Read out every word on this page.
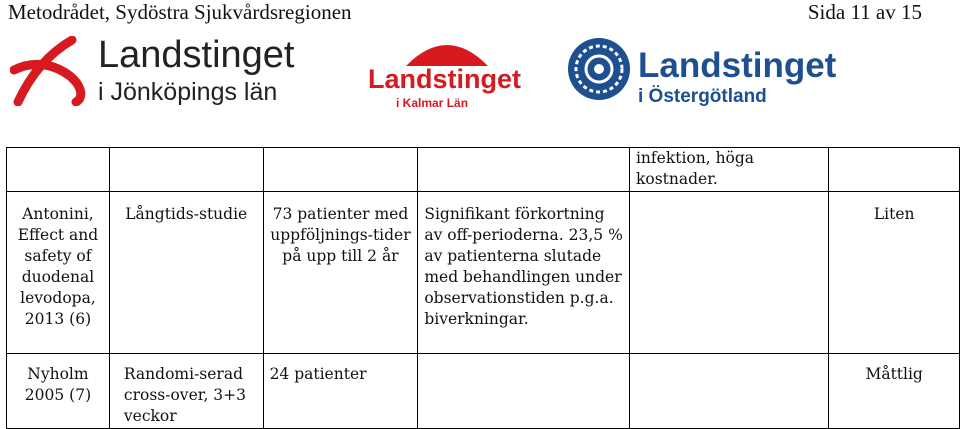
Metodrådet, Sydöstra Sjukvårdsregionen	Sida 11 av 15
Landstinget
i Jönköpings län	Landstinget
i Kalmar Län
Landstinget
i Östergötland
				infektion, höga kostnader.	
Antonini, Effect and safety of duodenal levodopa, 2013 (6)	Långtids-studie	73 patienter med uppföljnings-tider på upp till 2 år	Signifikant förkortning av off-perioderna. 23,5 % av patienterna slutade med behandlingen under observationstiden p.g.a. biverkningar.		Liten
Nyholm 2005 (7)	Randomi-serad cross-over, 3+3 veckor	24 patienter			Måttlig
